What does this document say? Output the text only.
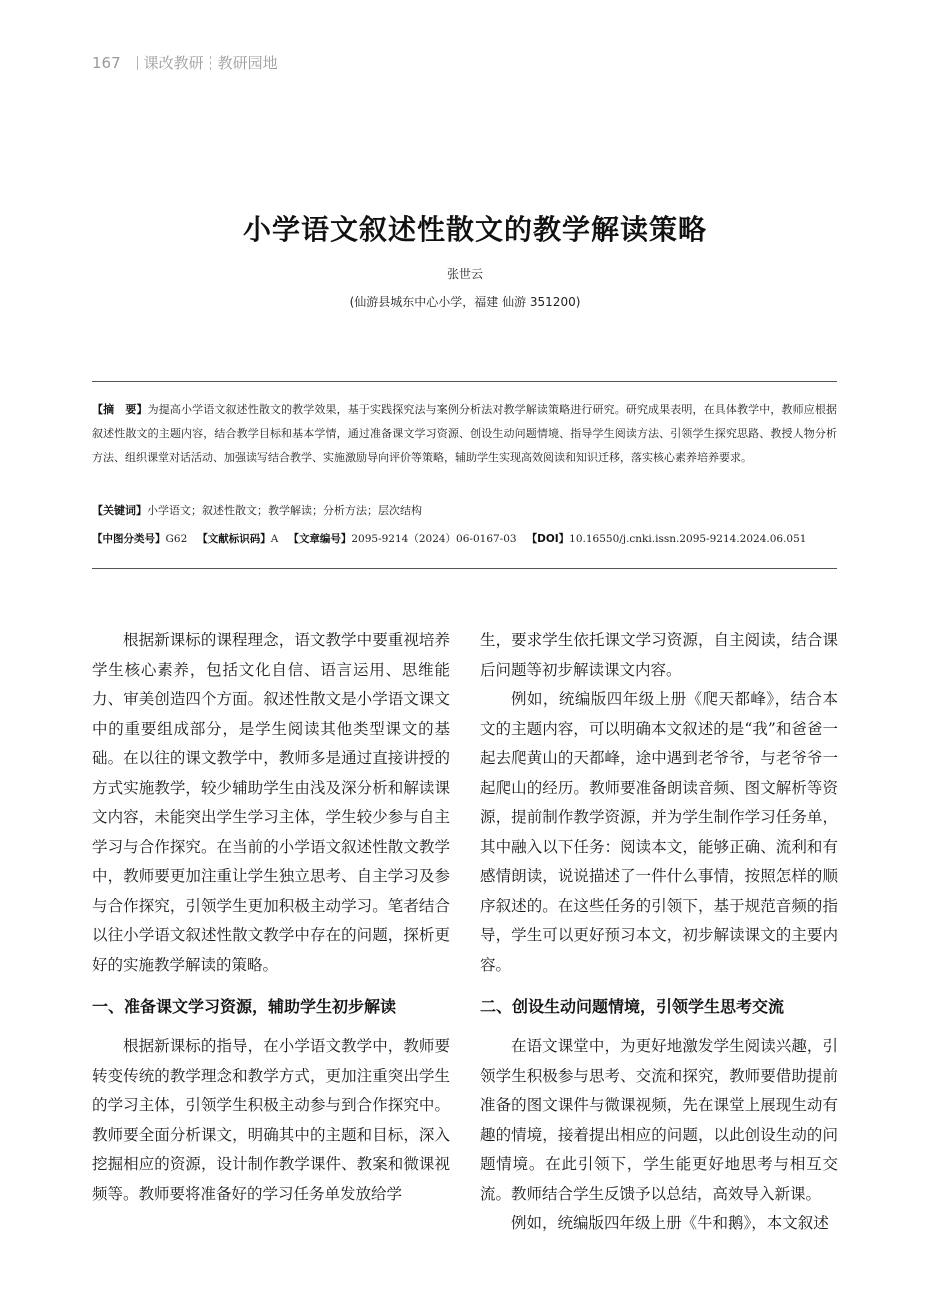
167 课改教研 教研园地
小学语文叙述性散文的教学解读策略
张世云
(仙游县城东中心小学，福建 仙游 351200)
【摘　要】为提高小学语文叙述性散文的教学效果，基于实践探究法与案例分析法对教学解读策略进行研究。研究成果表明，在具体教学中，教师应根据叙述性散文的主题内容，结合教学目标和基本学情，通过准备课文学习资源、创设生动问题情境、指导学生阅读方法、引领学生探究思路、教授人物分析方法、组织课堂对话活动、加强读写结合教学、实施激励导向评价等策略，辅助学生实现高效阅读和知识迁移，落实核心素养培养要求。
【关键词】小学语文；叙述性散文；教学解读；分析方法；层次结构
【中图分类号】G62 【文献标识码】A 【文章编号】2095-9214（2024）06-0167-03 【DOI】10.16550/j.cnki.issn.2095-9214.2024.06.051

根据新课标的课程理念，语文教学中要重视培养学生核心素养，包括文化自信、语言运用、思维能力、审美创造四个方面。叙述性散文是小学语文课文中的重要组成部分，是学生阅读其他类型课文的基础。在以往的课文教学中，教师多是通过直接讲授的方式实施教学，较少辅助学生由浅及深分析和解读课文内容，未能突出学生学习主体，学生较少参与自主学习与合作探究。在当前的小学语文叙述性散文教学中，教师要更加注重让学生独立思考、自主学习及参与合作探究，引领学生更加积极主动学习。笔者结合以往小学语文叙述性散文教学中存在的问题，探析更好的实施教学解读的策略。

一、准备课文学习资源，辅助学生初步解读

根据新课标的指导，在小学语文教学中，教师要转变传统的教学理念和教学方式，更加注重突出学生的学习主体，引领学生积极主动参与到合作探究中。教师要全面分析课文，明确其中的主题和目标，深入挖掘相应的资源，设计制作教学课件、教案和微课视频等。教师要将准备好的学习任务单发放给学

生，要求学生依托课文学习资源，自主阅读，结合课后问题等初步解读课文内容。

例如，统编版四年级上册《爬天都峰》，结合本文的主题内容，可以明确本文叙述的是“我”和爸爸一起去爬黄山的天都峰，途中遇到老爷爷，与老爷爷一起爬山的经历。教师要准备朗读音频、图文解析等资源，提前制作教学资源，并为学生制作学习任务单，其中融入以下任务：阅读本文，能够正确、流利和有感情朗读，说说描述了一件什么事情，按照怎样的顺序叙述的。在这些任务的引领下，基于规范音频的指导，学生可以更好预习本文，初步解读课文的主要内容。

二、创设生动问题情境，引领学生思考交流

在语文课堂中，为更好地激发学生阅读兴趣，引领学生积极参与思考、交流和探究，教师要借助提前准备的图文课件与微课视频，先在课堂上展现生动有趣的情境，接着提出相应的问题，以此创设生动的问题情境。在此引领下，学生能更好地思考与相互交流。教师结合学生反馈予以总结，高效导入新课。

例如，统编版四年级上册《牛和鹅》，本文叙述
